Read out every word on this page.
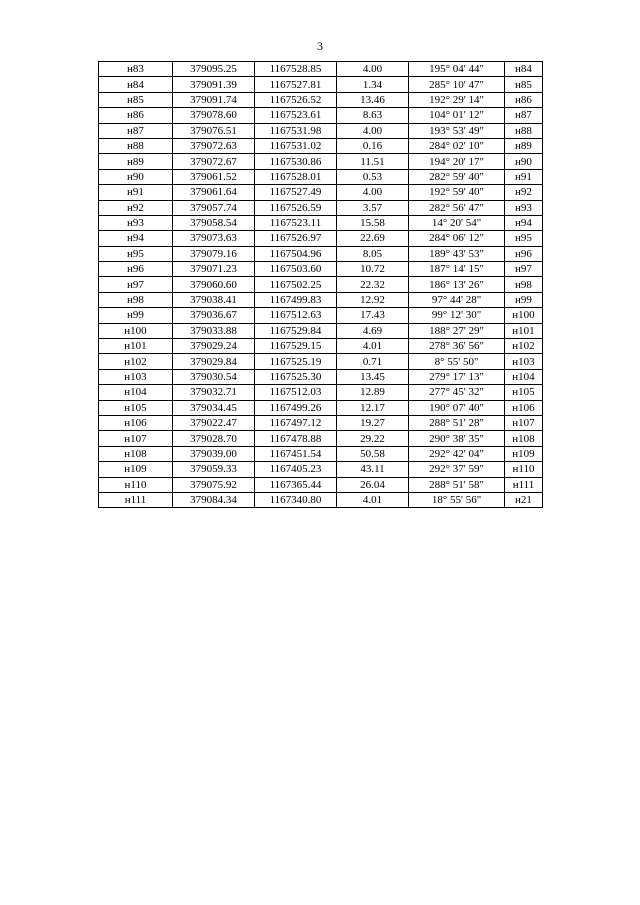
3
н83	379095.25	1167528.85	4.00	195° 04' 44"	н84
н84	379091.39	1167527.81	1.34	285° 10' 47"	н85
н85	379091.74	1167526.52	13.46	192° 29' 14"	н86
н86	379078.60	1167523.61	8.63	104° 01' 12"	н87
н87	379076.51	1167531.98	4.00	193° 53' 49"	н88
н88	379072.63	1167531.02	0.16	284° 02' 10"	н89
н89	379072.67	1167530.86	11.51	194° 20' 17"	н90
н90	379061.52	1167528.01	0.53	282° 59' 40"	н91
н91	379061.64	1167527.49	4.00	192° 59' 40"	н92
н92	379057.74	1167526.59	3.57	282° 56' 47"	н93
н93	379058.54	1167523.11	15.58	14° 20' 54"	н94
н94	379073.63	1167526.97	22.69	284° 06' 12"	н95
н95	379079.16	1167504.96	8.05	189° 43' 53"	н96
н96	379071.23	1167503.60	10.72	187° 14' 15"	н97
н97	379060.60	1167502.25	22.32	186° 13' 26"	н98
н98	379038.41	1167499.83	12.92	97° 44' 28"	н99
н99	379036.67	1167512.63	17.43	99° 12' 30"	н100
н100	379033.88	1167529.84	4.69	188° 27' 29"	н101
н101	379029.24	1167529.15	4.01	278° 36' 56"	н102
н102	379029.84	1167525.19	0.71	8° 55' 50"	н103
н103	379030.54	1167525.30	13.45	279° 17' 13"	н104
н104	379032.71	1167512.03	12.89	277° 45' 32"	н105
н105	379034.45	1167499.26	12.17	190° 07' 40"	н106
н106	379022.47	1167497.12	19.27	288° 51' 28"	н107
н107	379028.70	1167478.88	29.22	290° 38' 35"	н108
н108	379039.00	1167451.54	50.58	292° 42' 04"	н109
н109	379059.33	1167405.23	43.11	292° 37' 59"	н110
н110	379075.92	1167365.44	26.04	288° 51' 58"	н111
н111	379084.34	1167340.80	4.01	18° 55' 56"	н21
